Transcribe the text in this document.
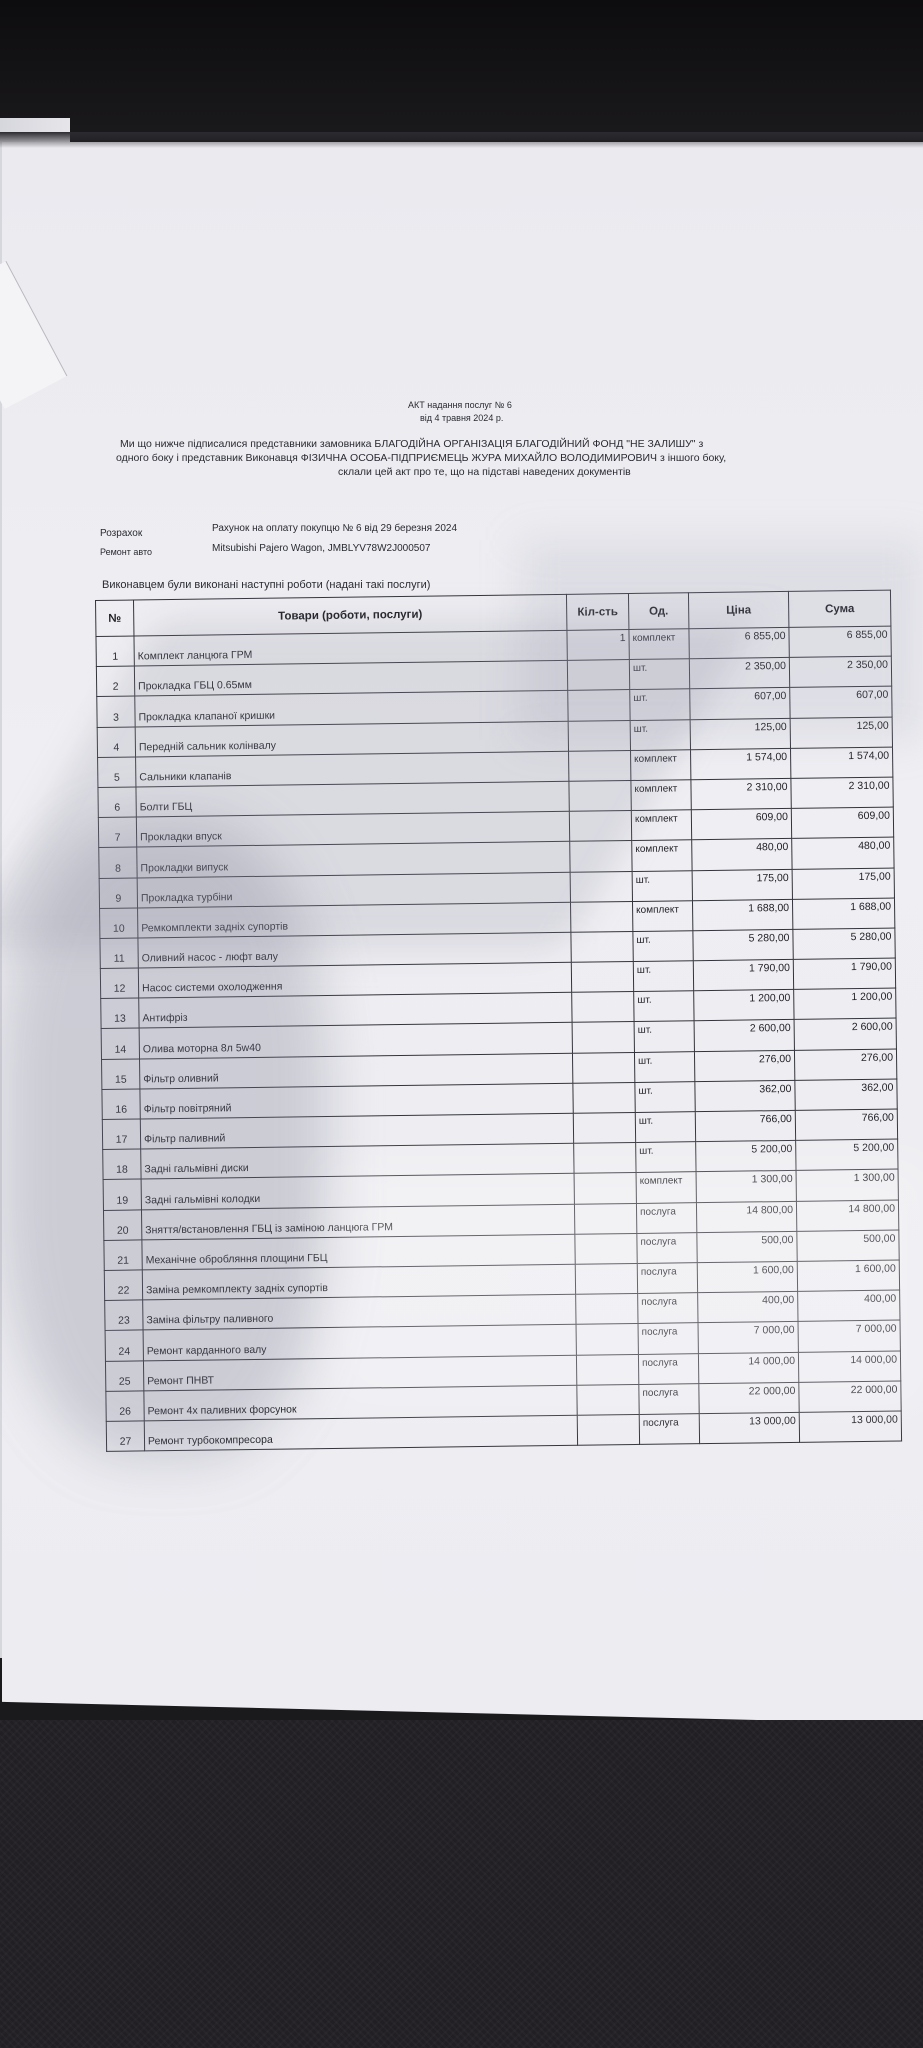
АКТ надання послуг № 6
від 4 травня 2024 р.
Ми що нижче підписалися представники замовника БЛАГОДІЙНА ОРГАНІЗАЦІЯ БЛАГОДІЙНИЙ ФОНД "НЕ ЗАЛИШУ" з
одного боку і представник Виконавця ФІЗИЧНА ОСОБА-ПІДПРИЄМЕЦЬ ЖУРА МИХАЙЛО ВОЛОДИМИРОВИЧ з іншого боку,
склали цей акт про те, що на підставі наведених документів
Розрахок	Рахунок на оплату покупцю № 6 від 29 березня 2024
Ремонт авто	Mitsubishi Pajero Wagon, JMBLYV78W2J000507
Виконавцем були виконані наступні роботи (надані такі послуги)
№	Товари (роботи, послуги)	Кіл-сть	Од.	Ціна	Сума
1	Комплект ланцюга ГРМ	1	комплект	6 855,00	6 855,00
2	Прокладка ГБЦ 0.65мм		шт.	2 350,00	2 350,00
3	Прокладка клапаної кришки		шт.	607,00	607,00
4	Передній сальник колінвалу		шт.	125,00	125,00
5	Сальники клапанів		комплект	1 574,00	1 574,00
6	Болти ГБЦ		комплект	2 310,00	2 310,00
7	Прокладки впуск		комплект	609,00	609,00
8	Прокладки випуск		комплект	480,00	480,00
9	Прокладка турбіни		шт.	175,00	175,00
10	Ремкомплекти задніх супортів		комплект	1 688,00	1 688,00
11	Оливний насос - люфт валу		шт.	5 280,00	5 280,00
12	Насос системи охолодження		шт.	1 790,00	1 790,00
13	Антифріз		шт.	1 200,00	1 200,00
14	Олива моторна 8л 5w40		шт.	2 600,00	2 600,00
15	Фільтр оливний		шт.	276,00	276,00
16	Фільтр повітряний		шт.	362,00	362,00
17	Фільтр паливний		шт.	766,00	766,00
18	Задні гальмівні диски		шт.	5 200,00	5 200,00
19	Задні гальмівні колодки		комплект	1 300,00	1 300,00
20	Зняття/встановлення ГБЦ із заміною ланцюга ГРМ		послуга	14 800,00	14 800,00
21	Механічне обробляння площини ГБЦ		послуга	500,00	500,00
22	Заміна ремкомплекту задніх супортів		послуга	1 600,00	1 600,00
23	Заміна фільтру паливного		послуга	400,00	400,00
24	Ремонт карданного валу		послуга	7 000,00	7 000,00
25	Ремонт ПНВТ		послуга	14 000,00	14 000,00
26	Ремонт 4х паливних форсунок		послуга	22 000,00	22 000,00
27	Ремонт турбокомпресора		послуга	13 000,00	13 000,00
